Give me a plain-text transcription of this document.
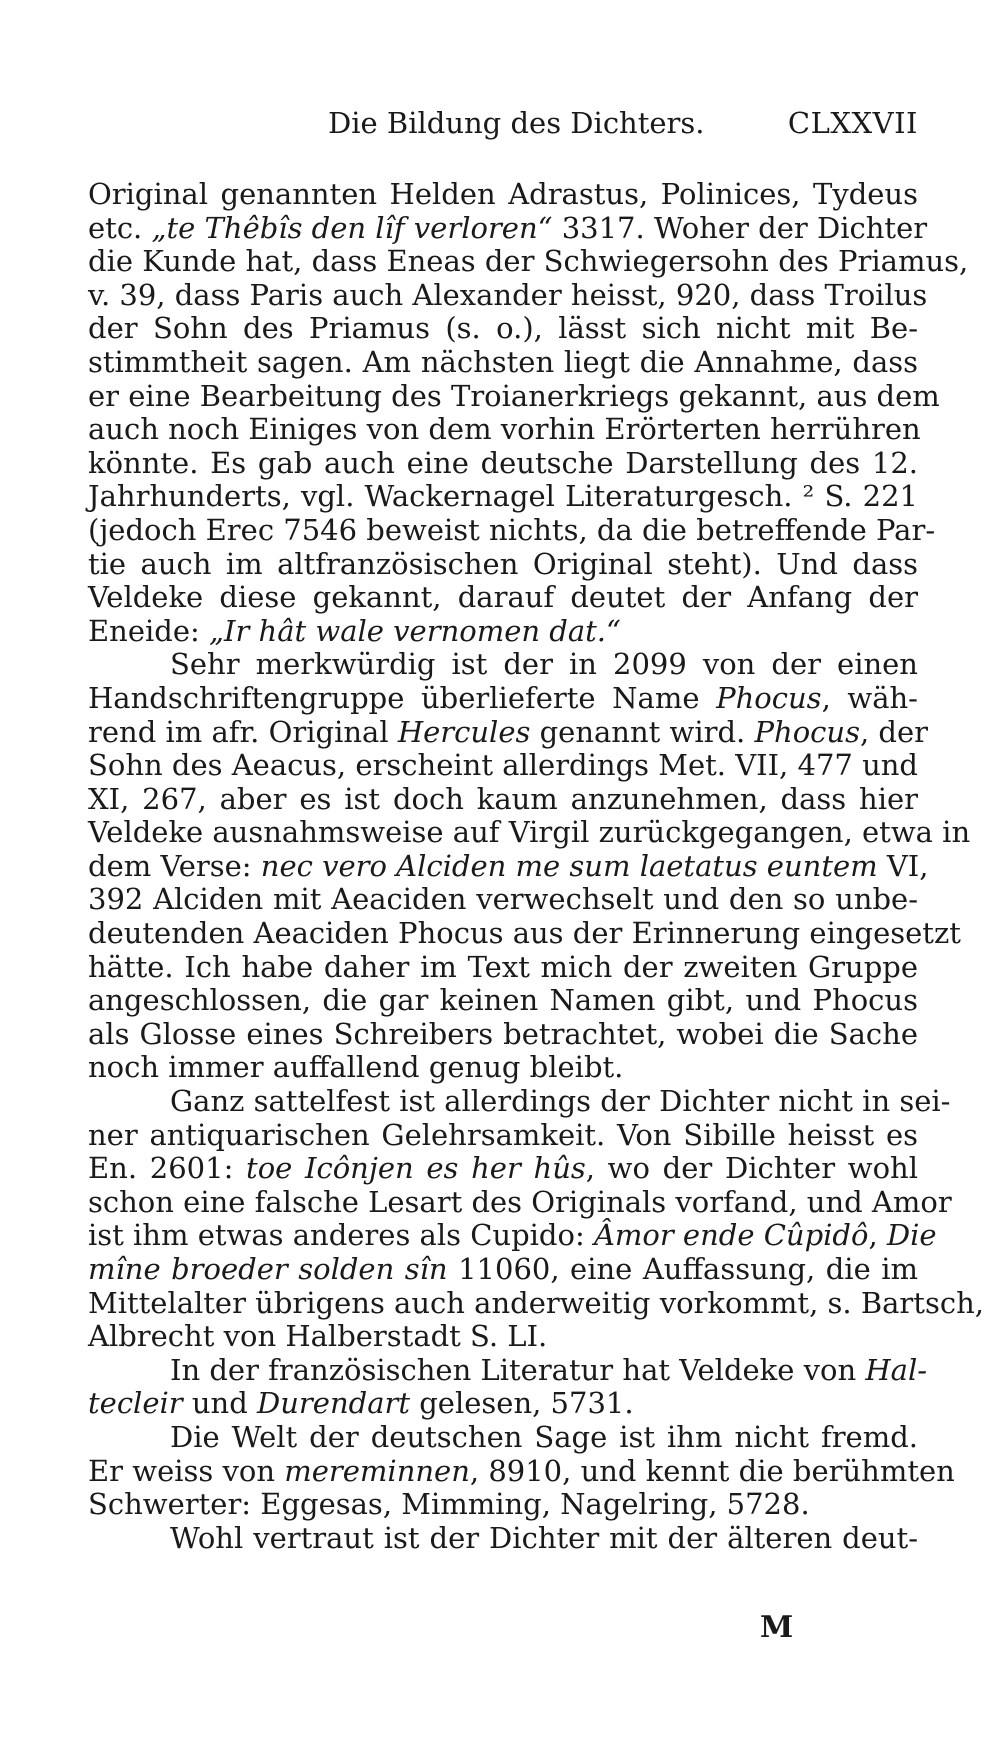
Die Bildung des Dichters.	CLXXVII
Original genannten Helden Adrastus, Polinices, Tydeus
etc. „te Thêbîs den lîf verloren“ 3317. Woher der Dichter
die Kunde hat, dass Eneas der Schwiegersohn des Priamus,
v. 39, dass Paris auch Alexander heisst, 920, dass Troilus
der Sohn des Priamus (s. o.), lässt sich nicht mit Be-
stimmtheit sagen. Am nächsten liegt die Annahme, dass
er eine Bearbeitung des Troianerkriegs gekannt, aus dem
auch noch Einiges von dem vorhin Erörterten herrühren
könnte. Es gab auch eine deutsche Darstellung des 12.
Jahrhunderts, vgl. Wackernagel Literaturgesch. ² S. 221
(jedoch Erec 7546 beweist nichts, da die betreffende Par-
tie auch im altfranzösischen Original steht). Und dass
Veldeke diese gekannt, darauf deutet der Anfang der
Eneide: „Ir hât wale vernomen dat.“
Sehr merkwürdig ist der in 2099 von der einen
Handschriftengruppe überlieferte Name Phocus, wäh-
rend im afr. Original Hercules genannt wird. Phocus, der
Sohn des Aeacus, erscheint allerdings Met. VII, 477 und
XI, 267, aber es ist doch kaum anzunehmen, dass hier
Veldeke ausnahmsweise auf Virgil zurückgegangen, etwa in
dem Verse: nec vero Alciden me sum laetatus euntem VI,
392 Alciden mit Aeaciden verwechselt und den so unbe-
deutenden Aeaciden Phocus aus der Erinnerung eingesetzt
hätte. Ich habe daher im Text mich der zweiten Gruppe
angeschlossen, die gar keinen Namen gibt, und Phocus
als Glosse eines Schreibers betrachtet, wobei die Sache
noch immer auffallend genug bleibt.
Ganz sattelfest ist allerdings der Dichter nicht in sei-
ner antiquarischen Gelehrsamkeit. Von Sibille heisst es
En. 2601: toe Icônjen es her hûs, wo der Dichter wohl
schon eine falsche Lesart des Originals vorfand, und Amor
ist ihm etwas anderes als Cupido: Âmor ende Cûpidô, Die
mîne broeder solden sîn 11060, eine Auffassung, die im
Mittelalter übrigens auch anderweitig vorkommt, s. Bartsch,
Albrecht von Halberstadt S. LI.
In der französischen Literatur hat Veldeke von Hal-
tecleir und Durendart gelesen, 5731.
Die Welt der deutschen Sage ist ihm nicht fremd.
Er weiss von mereminnen, 8910, und kennt die berühmten
Schwerter: Eggesas, Mimming, Nagelring, 5728.
Wohl vertraut ist der Dichter mit der älteren deut-
M
